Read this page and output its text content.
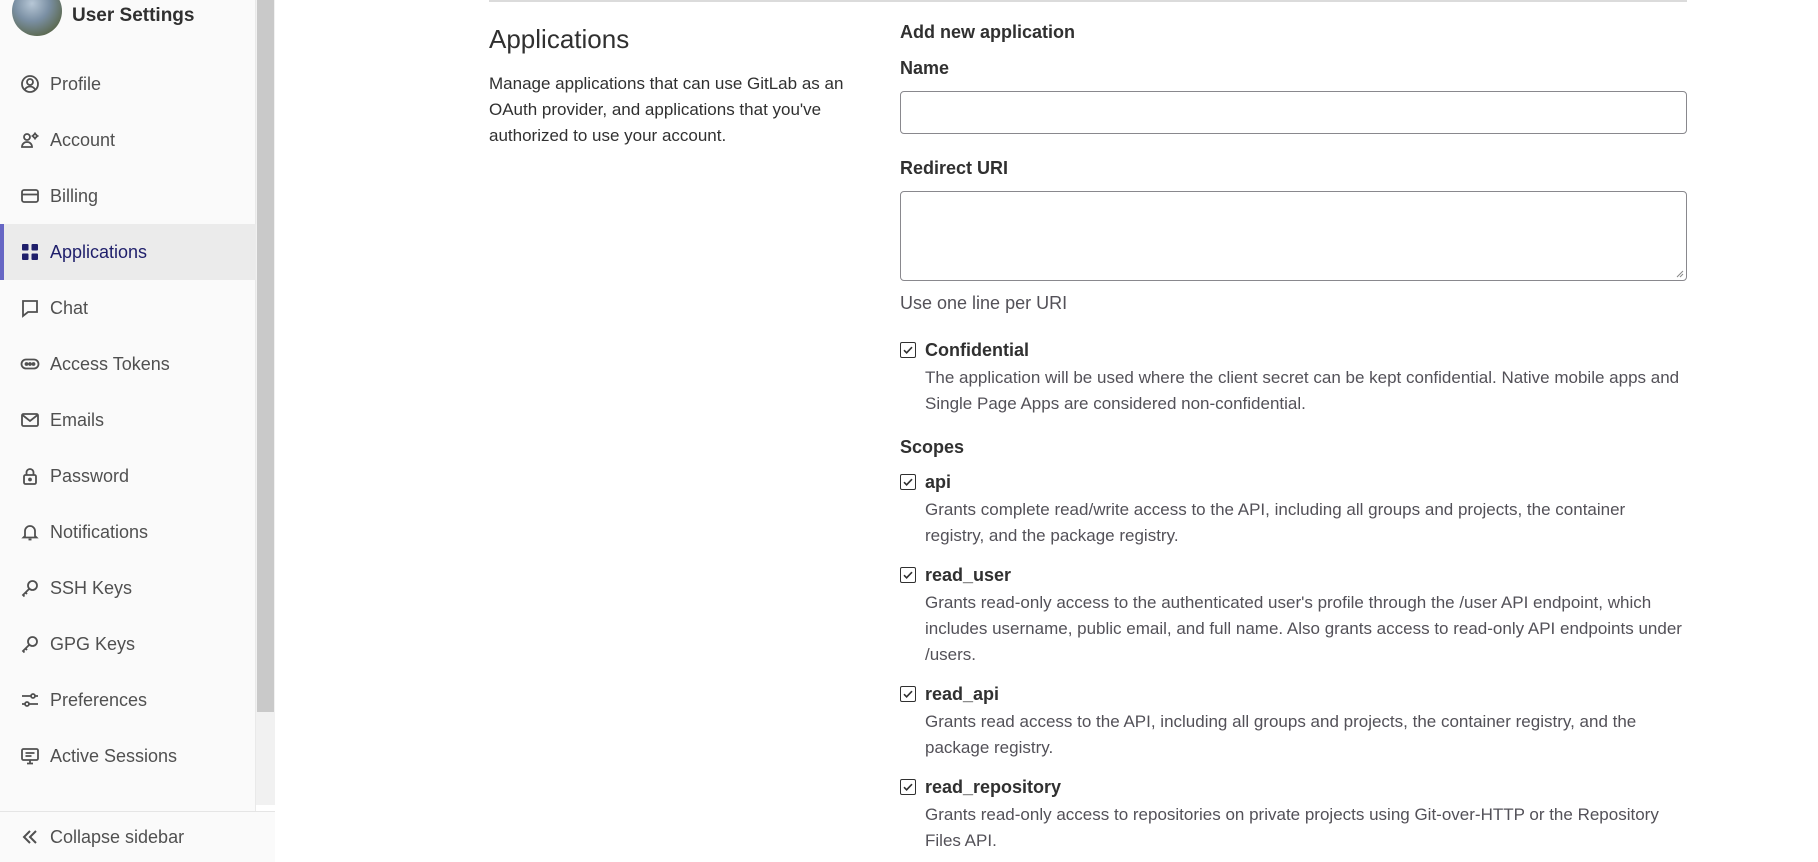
User Settings
Profile
Account
Billing
Applications
Chat
Access Tokens
Emails
Password
Notifications
SSH Keys
GPG Keys
Preferences
Active Sessions
Collapse sidebar
Applications

Manage applications that can use GitLab as an OAuth provider, and applications that you've authorized to use your account.

Add new application
Name
Redirect URI
Use one line per URI
Confidential
The application will be used where the client secret can be kept confidential. Native mobile apps and Single Page Apps are considered non-confidential.
Scopes
api
Grants complete read/write access to the API, including all groups and projects, the container registry, and the package registry.
read_user
Grants read-only access to the authenticated user's profile through the /user API endpoint, which includes username, public email, and full name. Also grants access to read-only API endpoints under /users.
read_api
Grants read access to the API, including all groups and projects, the container registry, and the package registry.
read_repository
Grants read-only access to repositories on private projects using Git-over-HTTP or the Repository Files API.
